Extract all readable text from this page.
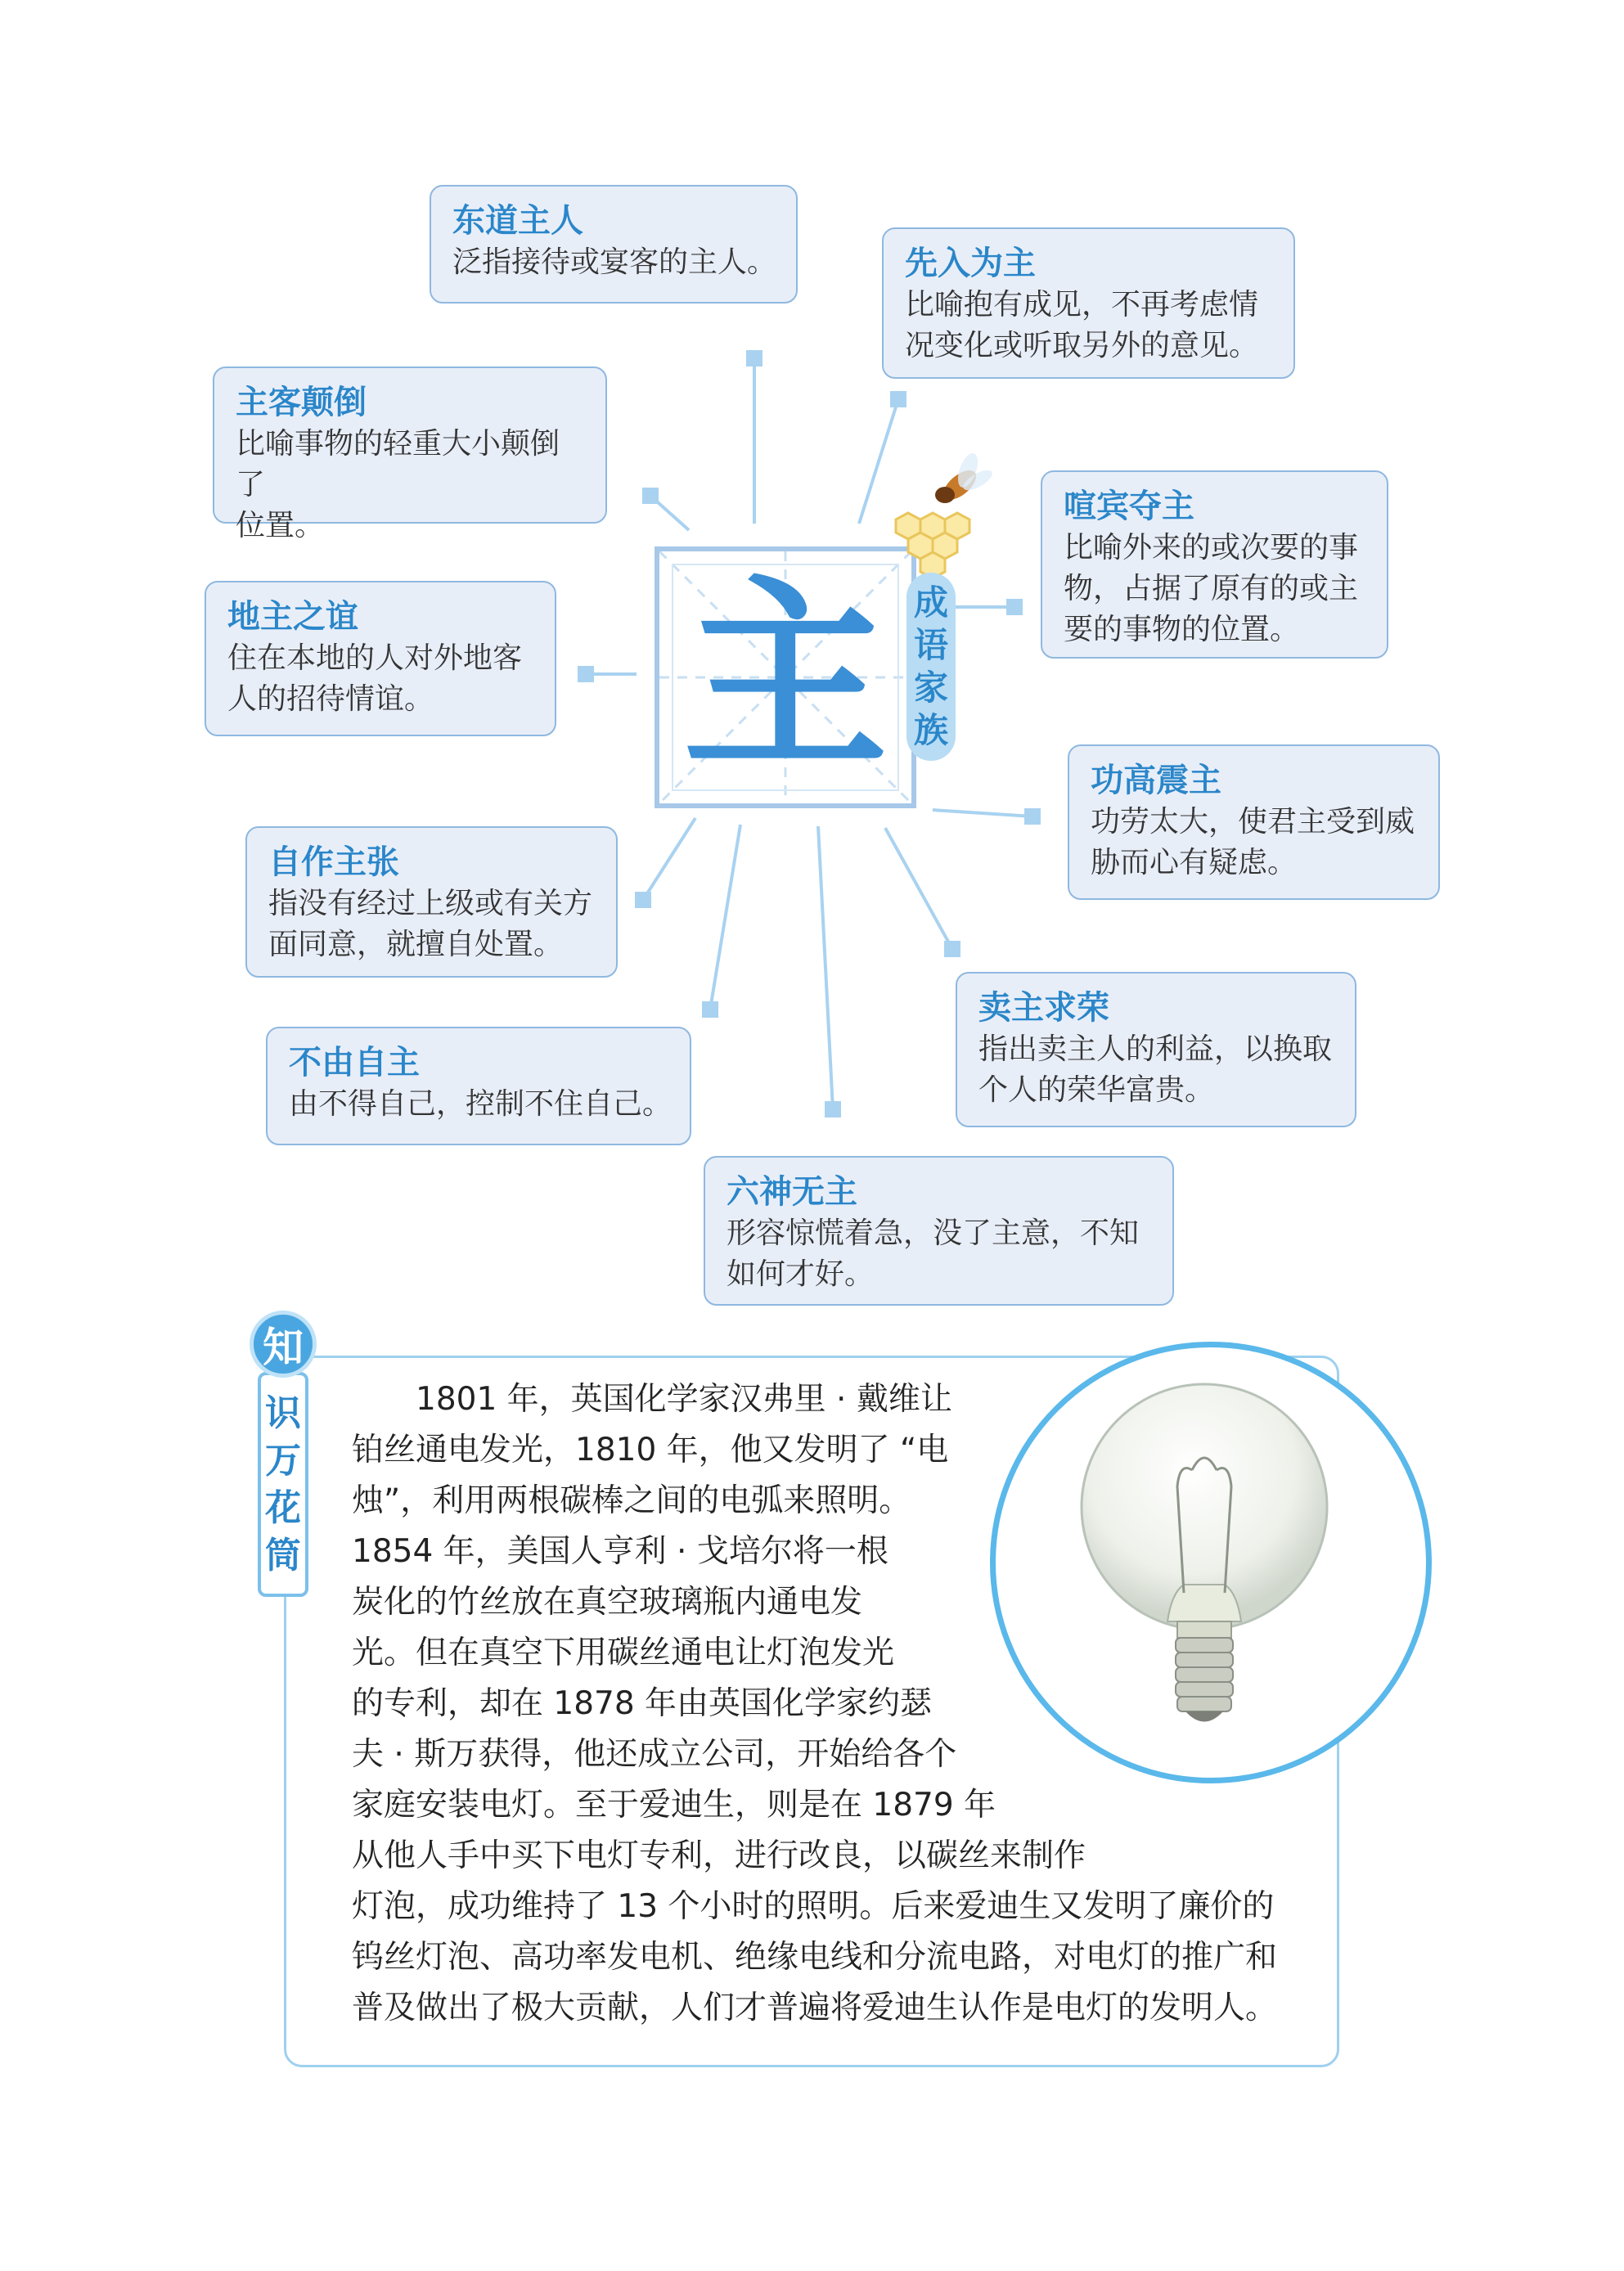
东道主人
泛指接待或宴客的主人。	先入为主
比喻抱有成见，不再考虑情
况变化或听取另外的意见。
主客颠倒
比喻事物的轻重大小颠倒了
位置。
喧宾夺主
比喻外来的或次要的事
物，占据了原有的或主
要的事物的位置。
地主之谊
住在本地的人对外地客
人的招待情谊。
功高震主
功劳太大，使君主受到威
胁而心有疑虑。
自作主张
指没有经过上级或有关方
面同意，就擅自处置。
卖主求荣
指出卖主人的利益，以换取
个人的荣华富贵。
不由自主
由不得自己，控制不住自己。
六神无主
形容惊慌着急，没了主意，不知
如何才好。
主 成
语
家
族
识
万
花
筒
知
　　1801 年，英国化学家汉弗里 · 戴维让
铂丝通电发光，1810 年，他又发明了 “电
烛”，利用两根碳棒之间的电弧来照明。
1854 年，美国人亨利 · 戈培尔将一根
炭化的竹丝放在真空玻璃瓶内通电发
光。但在真空下用碳丝通电让灯泡发光
的专利，却在 1878 年由英国化学家约瑟
夫 · 斯万获得，他还成立公司，开始给各个
家庭安装电灯。至于爱迪生，则是在 1879 年
从他人手中买下电灯专利，进行改良，以碳丝来制作
灯泡，成功维持了 13 个小时的照明。后来爱迪生又发明了廉价的
钨丝灯泡、高功率发电机、绝缘电线和分流电路，对电灯的推广和
普及做出了极大贡献，人们才普遍将爱迪生认作是电灯的发明人。
